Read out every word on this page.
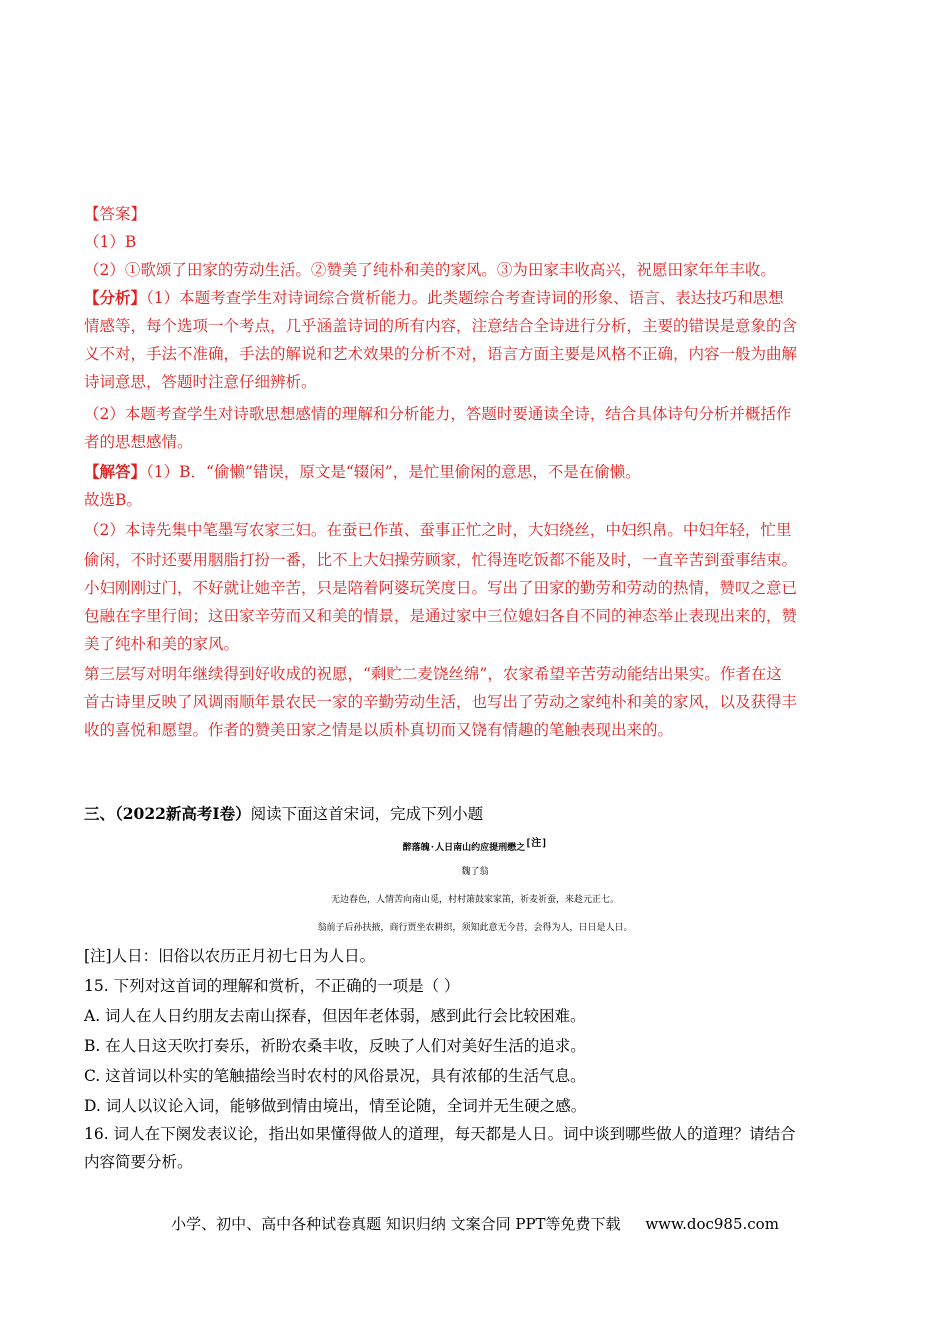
【答案】
（1）B
（2）①歌颂了田家的劳动生活。②赞美了纯朴和美的家风。③为田家丰收高兴，祝愿田家年年丰收。
【分析】（1）本题考查学生对诗词综合赏析能力。此类题综合考查诗词的形象、语言、表达技巧和思想
情感等，每个选项一个考点，几乎涵盖诗词的所有内容，注意结合全诗进行分析，主要的错误是意象的含
义不对，手法不准确，手法的解说和艺术效果的分析不对，语言方面主要是风格不正确，内容一般为曲解
诗词意思，答题时注意仔细辨析。
（2）本题考查学生对诗歌思想感情的理解和分析能力，答题时要通读全诗，结合具体诗句分析并概括作
者的思想感情。
【解答】（1）B．“偷懒”错误，原文是“辍闲”，是忙里偷闲的意思，不是在偷懒。
故选B。
（2）本诗先集中笔墨写农家三妇。在蚕已作茧、蚕事正忙之时，大妇绕丝，中妇织帛。中妇年轻，忙里
偷闲，不时还要用胭脂打扮一番，比不上大妇操劳顾家，忙得连吃饭都不能及时，一直辛苦到蚕事结束。
小妇刚刚过门，不好就让她辛苦，只是陪着阿婆玩笑度日。写出了田家的勤劳和劳动的热情，赞叹之意已
包融在字里行间；这田家辛劳而又和美的情景，是通过家中三位媳妇各自不同的神态举止表现出来的，赞
美了纯朴和美的家风。
第三层写对明年继续得到好收成的祝愿，“剩贮二麦饶丝绵”，农家希望辛苦劳动能结出果实。作者在这
首古诗里反映了风调雨顺年景农民一家的辛勤劳动生活，也写出了劳动之家纯朴和美的家风，以及获得丰
收的喜悦和愿望。作者的赞美田家之情是以质朴真切而又饶有情趣的笔触表现出来的。
三、（2022新高考Ⅰ卷）阅读下面这首宋词，完成下列小题
醉落魄·人日南山约应提刑懋之[注]
魏了翁
无边春色，人情苦向南山觅，村村箫鼓家家笛，祈麦祈蚕，来趁元正七。
翁前子后孙扶掖，商行贾坐农耕织，须知此意无今昔，会得为人，日日是人日。
[注]人日：旧俗以农历正月初七日为人日。
15. 下列对这首词的理解和赏析，不正确的一项是（ ）
A. 词人在人日约朋友去南山探春，但因年老体弱，感到此行会比较困难。
B. 在人日这天吹打奏乐，祈盼农桑丰收，反映了人们对美好生活的追求。
C. 这首词以朴实的笔触描绘当时农村的风俗景况，具有浓郁的生活气息。
D. 词人以议论入词，能够做到情由境出，情至论随，全词并无生硬之感。
16. 词人在下阕发表议论，指出如果懂得做人的道理，每天都是人日。词中谈到哪些做人的道理？请结合
内容简要分析。
小学、初中、高中各种试卷真题 知识归纳 文案合同 PPT等免费下载 www.doc985.com
